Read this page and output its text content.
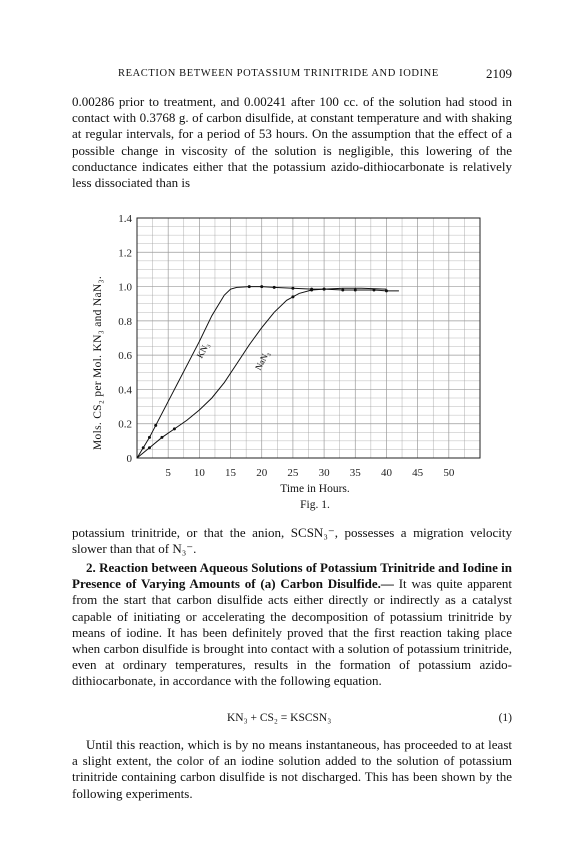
REACTION BETWEEN POTASSIUM TRINITRIDE AND IODINE	2109

0.00286 prior to treatment, and 0.00241 after 100 cc. of the solution had stood in contact with 0.3768 g. of carbon disulfide, at constant temperature and with shaking at regular intervals, for a period of 53 hours. On the assumption that the effect of a possible change in viscosity of the solution is negligible, this lowering of the conductance indicates either that the potassium azido-dithiocarbonate is relatively less dissociated than is

Mols. CS₂ per Mol. KN₃ and NaN₃.
0
0.2
0.4
0.6
0.8
1.0
1.2
1.4
5 10 15 20 25 30 35 40 45 50
KN₃	NaN₃
Time in Hours.
Fig. 1.

potassium trinitride, or that the anion, SCSN₃⁻, possesses a migration velocity slower than that of N₃⁻.

2. Reaction between Aqueous Solutions of Potassium Trinitride and Iodine in Presence of Varying Amounts of (a) Carbon Disulfide.— It was quite apparent from the start that carbon disulfide acts either directly or indirectly as a catalyst capable of initiating or accelerating the decomposition of potassium trinitride by means of iodine. It has been definitely proved that the first reaction taking place when carbon disulfide is brought into contact with a solution of potassium trinitride, even at ordinary temperatures, results in the formation of potassium azido-dithiocarbonate, in accordance with the following equation.

KN₃ + CS₂ = KSCSN₃	(1)

Until this reaction, which is by no means instantaneous, has proceeded to at least a slight extent, the color of an iodine solution added to the solution of potassium trinitride containing carbon disulfide is not discharged. This has been shown by the following experiments.
